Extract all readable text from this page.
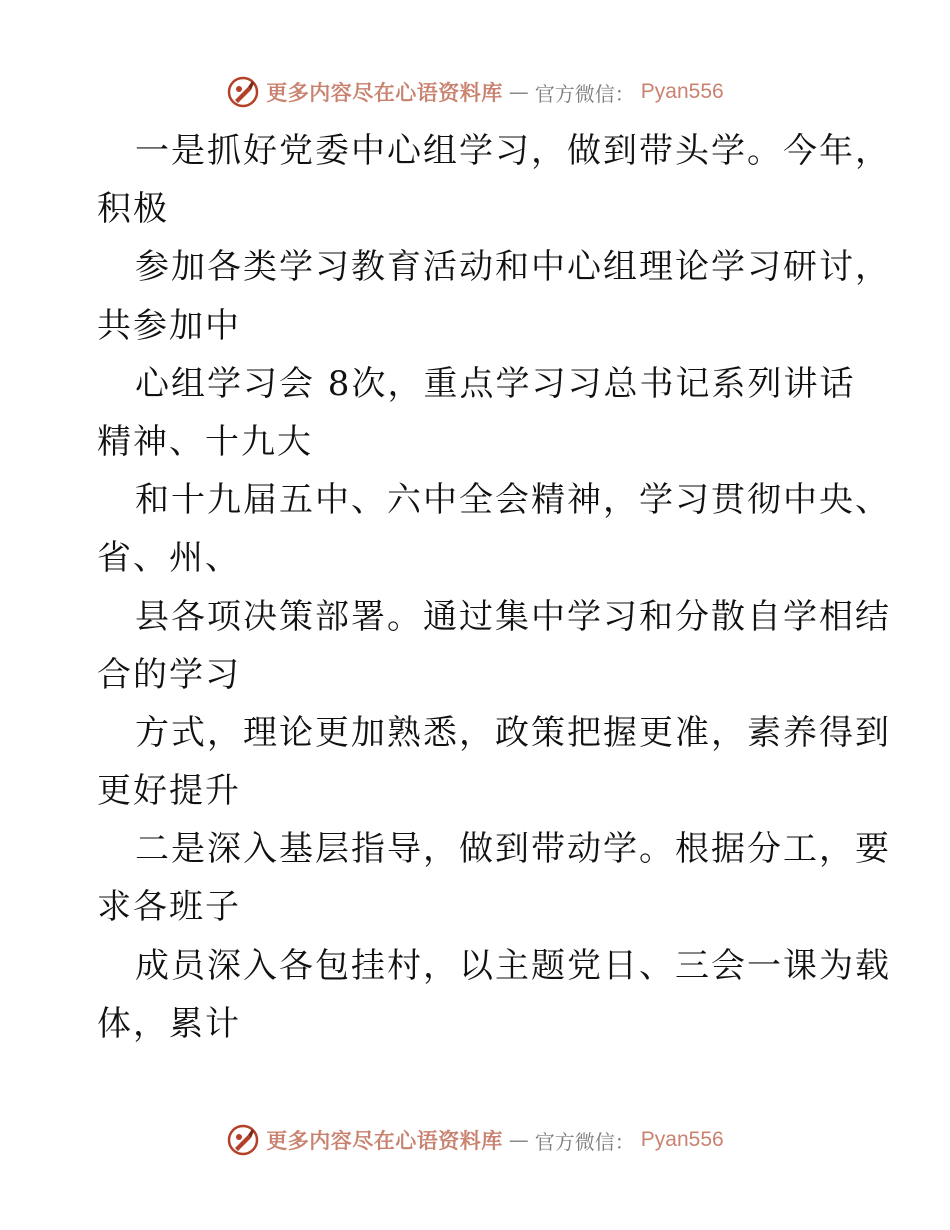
更多内容尽在心语资料库 — 官方微信： Pyan556
一是抓好党委中心组学习，做到带头学。今年，
积极
参加各类学习教育活动和中心组理论学习研讨，
共参加中
心组学习会 8次，重点学习习总书记系列讲话
精神、十九大
和十九届五中、六中全会精神，学习贯彻中央、
省、州、
县各项决策部署。通过集中学习和分散自学相结
合的学习
方式，理论更加熟悉，政策把握更准，素养得到
更好提升
二是深入基层指导，做到带动学。根据分工，要
求各班子
成员深入各包挂村，以主题党日、三会一课为载
体，累计
更多内容尽在心语资料库 — 官方微信： Pyan556
